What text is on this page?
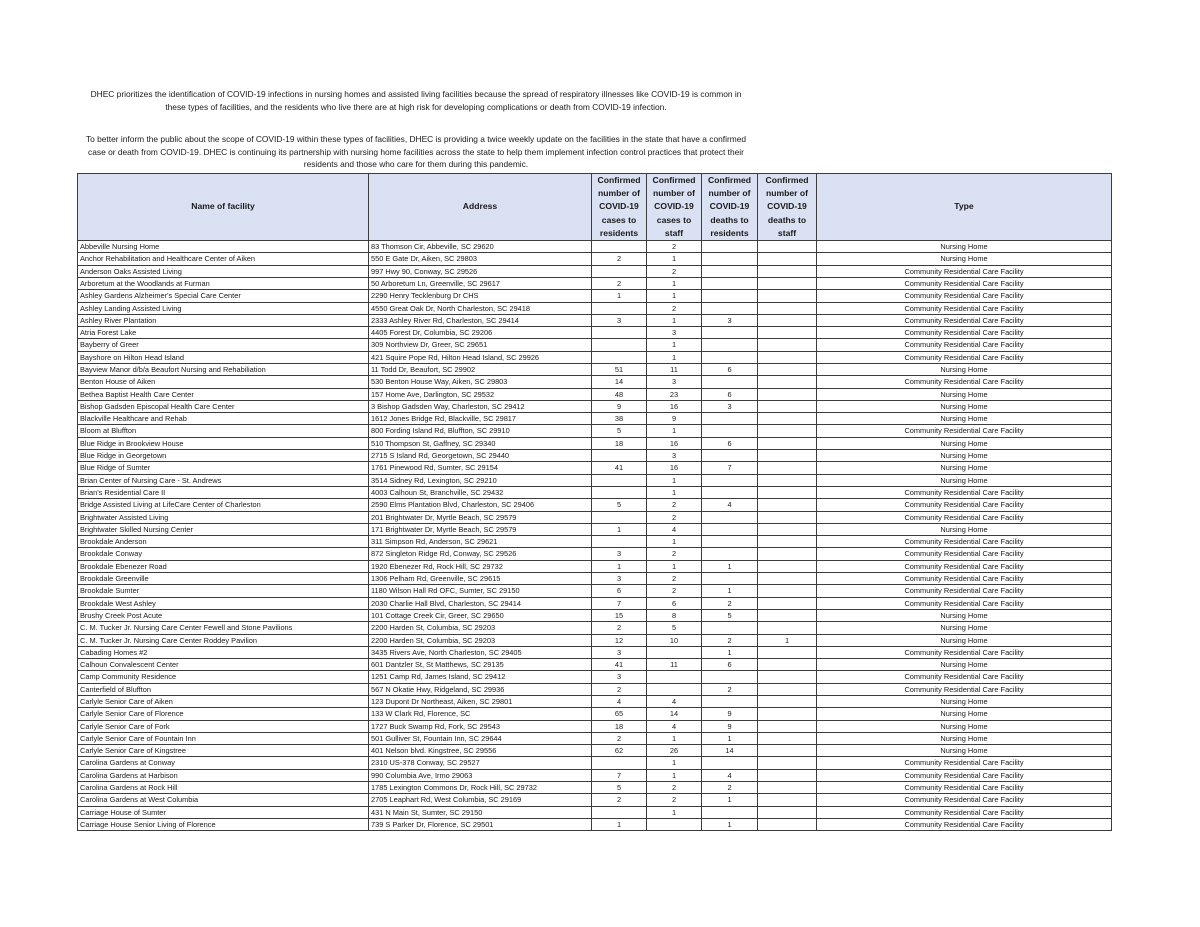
DHEC prioritizes the identification of COVID-19 infections in nursing homes and assisted living facilities because the spread of respiratory illnesses like COVID-19 is common in these types of facilities, and the residents who live there are at high risk for developing complications or death from COVID-19 infection.

To better inform the public about the scope of COVID-19 within these types of facilities, DHEC is providing a twice weekly update on the facilities in the state that have a confirmed case or death from COVID-19. DHEC is continuing its partnership with nursing home facilities across the state to help them implement infection control practices that protect their residents and those who care for them during this pandemic.

Name of facility	Address	Confirmed number of COVID-19 cases to residents	Confirmed number of COVID-19 cases to staff	Confirmed number of COVID-19 deaths to residents	Confirmed number of COVID-19 deaths to staff	Type
Abbeville Nursing Home	83 Thomson Cir, Abbeville, SC 29620		2			Nursing Home
Anchor Rehabilitation and Healthcare Center of Aiken	550 E Gate Dr, Aiken, SC 29803	2	1			Nursing Home
Anderson Oaks Assisted Living	997 Hwy 90, Conway, SC 29526		2			Community Residential Care Facility
Arboretum at the Woodlands at Furman	50 Arboretum Ln, Greenville, SC 29617	2	1			Community Residential Care Facility
Ashley Gardens Alzheimer's Special Care Center	2290 Henry Tecklenburg Dr CHS	1	1			Community Residential Care Facility
Ashley Landing Assisted Living	4550 Great Oak Dr, North Charleston, SC 29418		2			Community Residential Care Facility
Ashley River Plantation	2333 Ashley River Rd, Charleston, SC 29414	3	1	3		Community Residential Care Facility
Atria Forest Lake	4405 Forest Dr, Columbia, SC 29206		3			Community Residential Care Facility
Bayberry of Greer	309 Northview Dr, Greer, SC 29651		1			Community Residential Care Facility
Bayshore on Hilton Head Island	421 Squire Pope Rd, Hilton Head Island, SC 29926		1			Community Residential Care Facility
Bayview Manor d/b/a Beaufort Nursing and Rehabiliation	11 Todd Dr, Beaufort, SC 29902	51	11	6		Nursing Home
Benton House of Aiken	530 Benton House Way, Aiken, SC 29803	14	3			Community Residential Care Facility
Bethea Baptist Health Care Center	157 Home Ave, Darlington, SC 29532	48	23	6		Nursing Home
Bishop Gadsden Episcopal Health Care Center	3 Bishop Gadsden Way, Charleston, SC 29412	9	16	3		Nursing Home
Blackville Healthcare and Rehab	1612 Jones Bridge Rd, Blackville, SC 29817	38	9			Nursing Home
Bloom at Bluffton	800 Fording Island Rd, Bluffton, SC 29910	5	1			Community Residential Care Facility
Blue Ridge in Brookview House	510 Thompson St, Gaffney, SC 29340	18	16	6		Nursing Home
Blue Ridge in Georgetown	2715 S Island Rd, Georgetown, SC 29440		3			Nursing Home
Blue Ridge of Sumter	1761 Pinewood Rd, Sumter, SC 29154	41	16	7		Nursing Home
Brian Center of Nursing Care - St. Andrews	3514 Sidney Rd, Lexington, SC 29210		1			Nursing Home
Brian's Residential Care II	4003 Calhoun St, Branchville, SC 29432		1			Community Residential Care Facility
Bridge Assisted Living at LifeCare Center of Charleston	2590 Elms Plantation Blvd, Charleston, SC 29406	5	2	4		Community Residential Care Facility
Brightwater Assisted Living	201 Brightwater Dr, Myrtle Beach, SC 29579		2			Community Residential Care Facility
Brightwater Skilled Nursing Center	171 Brightwater Dr, Myrtle Beach, SC 29579	1	4			Nursing Home
Brookdale Anderson	311 Simpson Rd, Anderson, SC 29621		1			Community Residential Care Facility
Brookdale Conway	872 Singleton Ridge Rd, Conway, SC 29526	3	2			Community Residential Care Facility
Brookdale Ebenezer Road	1920 Ebenezer Rd, Rock Hill, SC 29732	1	1	1		Community Residential Care Facility
Brookdale Greenville	1306 Pelham Rd, Greenville, SC 29615	3	2			Community Residential Care Facility
Brookdale Sumter	1180 Wilson Hall Rd OFC, Sumter, SC 29150	6	2	1		Community Residential Care Facility
Brookdale West Ashley	2030 Charlie Hall Blvd, Charleston, SC 29414	7	6	2		Community Residential Care Facility
Brushy Creek Post Acute	101 Cottage Creek Cir, Greer, SC 29650	15	8	5		Nursing Home
C. M. Tucker Jr. Nursing Care Center Fewell and Stone Pavilions	2200 Harden St, Columbia, SC 29203	2	5			Nursing Home
C. M. Tucker Jr. Nursing Care Center Roddey Pavilion	2200 Harden St, Columbia, SC 29203	12	10	2	1	Nursing Home
Cabading Homes #2	3435 Rivers Ave, North Charleston, SC 29405	3		1		Community Residential Care Facility
Calhoun Convalescent Center	601 Dantzler St, St Matthews, SC 29135	41	11	6		Nursing Home
Camp Community Residence	1251 Camp Rd, James Island, SC 29412	3				Community Residential Care Facility
Canterfield of Bluffton	567 N Okatie Hwy, Ridgeland, SC 29936	2		2		Community Residential Care Facility
Carlyle Senior Care of Aiken	123 Dupont Dr Northeast, Aiken, SC 29801	4	4			Nursing Home
Carlyle Senior Care of Florence	133 W Clark Rd, Florence, SC	65	14	9		Nursing Home
Carlyle Senior Care of Fork	1727 Buck Swamp Rd, Fork, SC 29543	18	4	9		Nursing Home
Carlyle Senior Care of Fountain Inn	501 Gulliver St, Fountain Inn, SC 29644	2	1	1		Nursing Home
Carlyle Senior Care of Kingstree	401 Nelson blvd. Kingstree, SC 29556	62	26	14		Nursing Home
Carolina Gardens at Conway	2310 US-378 Conway, SC 29527		1			Community Residential Care Facility
Carolina Gardens at Harbison	990 Columbia Ave, Irmo 29063	7	1	4		Community Residential Care Facility
Carolina Gardens at Rock Hill	1785 Lexington Commons Dr, Rock Hill, SC 29732	5	2	2		Community Residential Care Facility
Carolina Gardens at West Columbia	2705 Leaphart Rd, West Columbia, SC 29169	2	2	1		Community Residential Care Facility
Carriage House of Sumter	431 N Main St, Sumter, SC 29150		1			Community Residential Care Facility
Carriage House Senior Living of Florence	739 S Parker Dr, Florence, SC 29501	1		1		Community Residential Care Facility
